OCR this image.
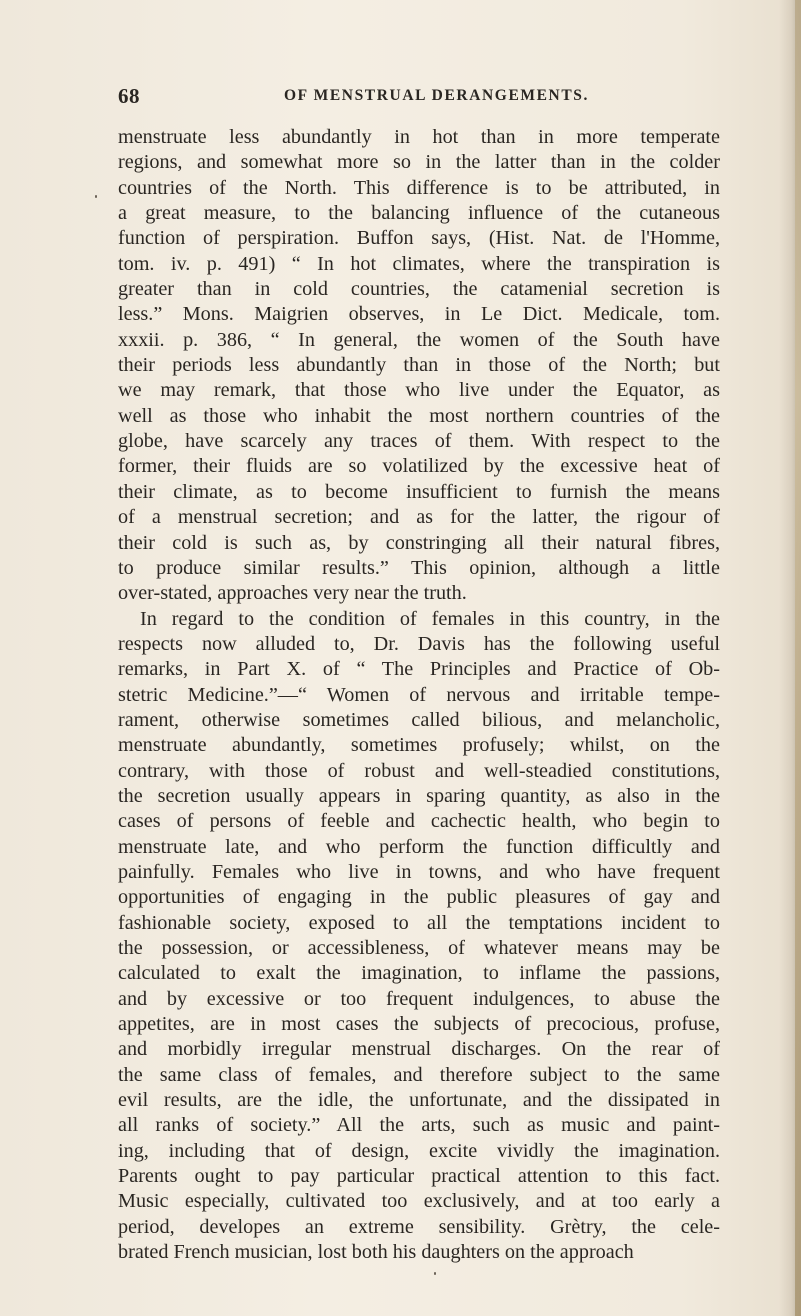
68	OF MENSTRUAL DERANGEMENTS.
menstruate less abundantly in hot than in more temperate
regions, and somewhat more so in the latter than in the colder
countries of the North. This difference is to be attributed, in
a great measure, to the balancing influence of the cutaneous
function of perspiration. Buffon says, (Hist. Nat. de l'Homme,
tom. iv. p. 491) “ In hot climates, where the transpiration is
greater than in cold countries, the catamenial secretion is
less.” Mons. Maigrien observes, in Le Dict. Medicale, tom.
xxxii. p. 386, “ In general, the women of the South have
their periods less abundantly than in those of the North; but
we may remark, that those who live under the Equator, as
well as those who inhabit the most northern countries of the
globe, have scarcely any traces of them. With respect to the
former, their fluids are so volatilized by the excessive heat of
their climate, as to become insufficient to furnish the means
of a menstrual secretion; and as for the latter, the rigour of
their cold is such as, by constringing all their natural fibres,
to produce similar results.” This opinion, although a little
over-stated, approaches very near the truth.
In regard to the condition of females in this country, in the
respects now alluded to, Dr. Davis has the following useful
remarks, in Part X. of “ The Principles and Practice of Ob-
stetric Medicine.”—“ Women of nervous and irritable tempe-
rament, otherwise sometimes called bilious, and melancholic,
menstruate abundantly, sometimes profusely; whilst, on the
contrary, with those of robust and well-steadied constitutions,
the secretion usually appears in sparing quantity, as also in the
cases of persons of feeble and cachectic health, who begin to
menstruate late, and who perform the function difficultly and
painfully. Females who live in towns, and who have frequent
opportunities of engaging in the public pleasures of gay and
fashionable society, exposed to all the temptations incident to
the possession, or accessibleness, of whatever means may be
calculated to exalt the imagination, to inflame the passions,
and by excessive or too frequent indulgences, to abuse the
appetites, are in most cases the subjects of precocious, profuse,
and morbidly irregular menstrual discharges. On the rear of
the same class of females, and therefore subject to the same
evil results, are the idle, the unfortunate, and the dissipated in
all ranks of society.” All the arts, such as music and paint-
ing, including that of design, excite vividly the imagination.
Parents ought to pay particular practical attention to this fact.
Music especially, cultivated too exclusively, and at too early a
period, developes an extreme sensibility. Grètry, the cele-
brated French musician, lost both his daughters on the approach
